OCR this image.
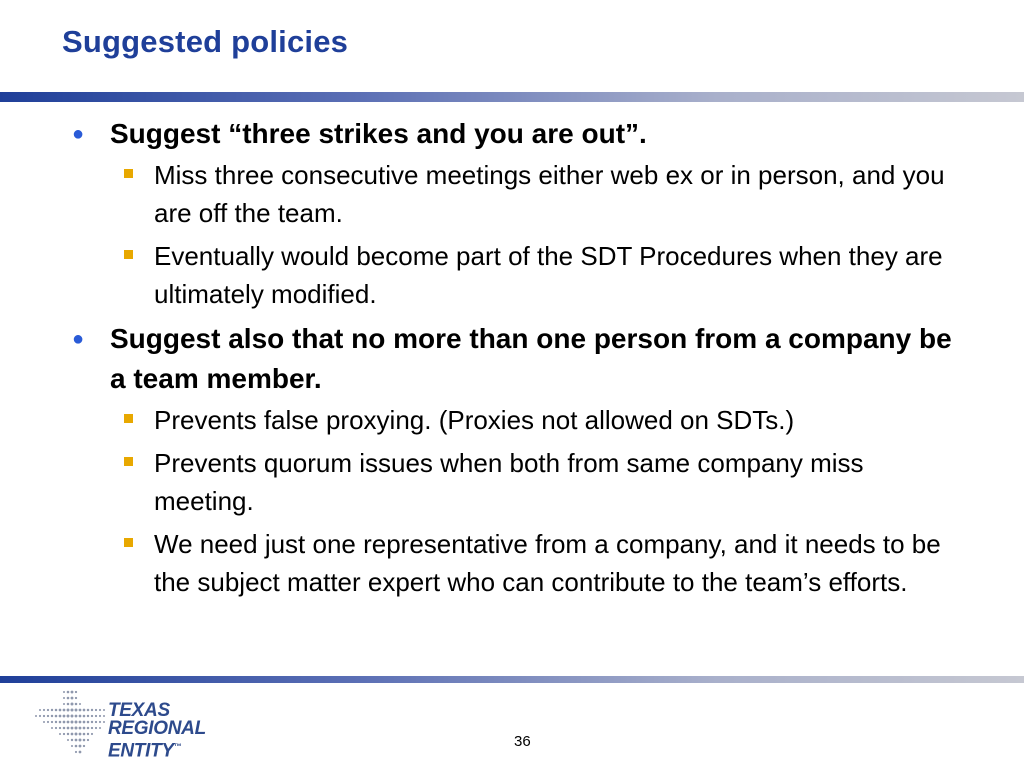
Suggested policies
● Suggest “three strikes and you are out”.
Miss three consecutive meetings either web ex or in person, and you are off the team.
Eventually would become part of the SDT Procedures when they are ultimately modified.
● Suggest also that no more than one person from a company be a team member.
Prevents false proxying. (Proxies not allowed on SDTs.)
Prevents quorum issues when both from same company miss meeting.
We need just one representative from a company, and it needs to be the subject matter expert who can contribute to the team’s efforts.
TEXAS
REGIONAL
ENTITY™	36
